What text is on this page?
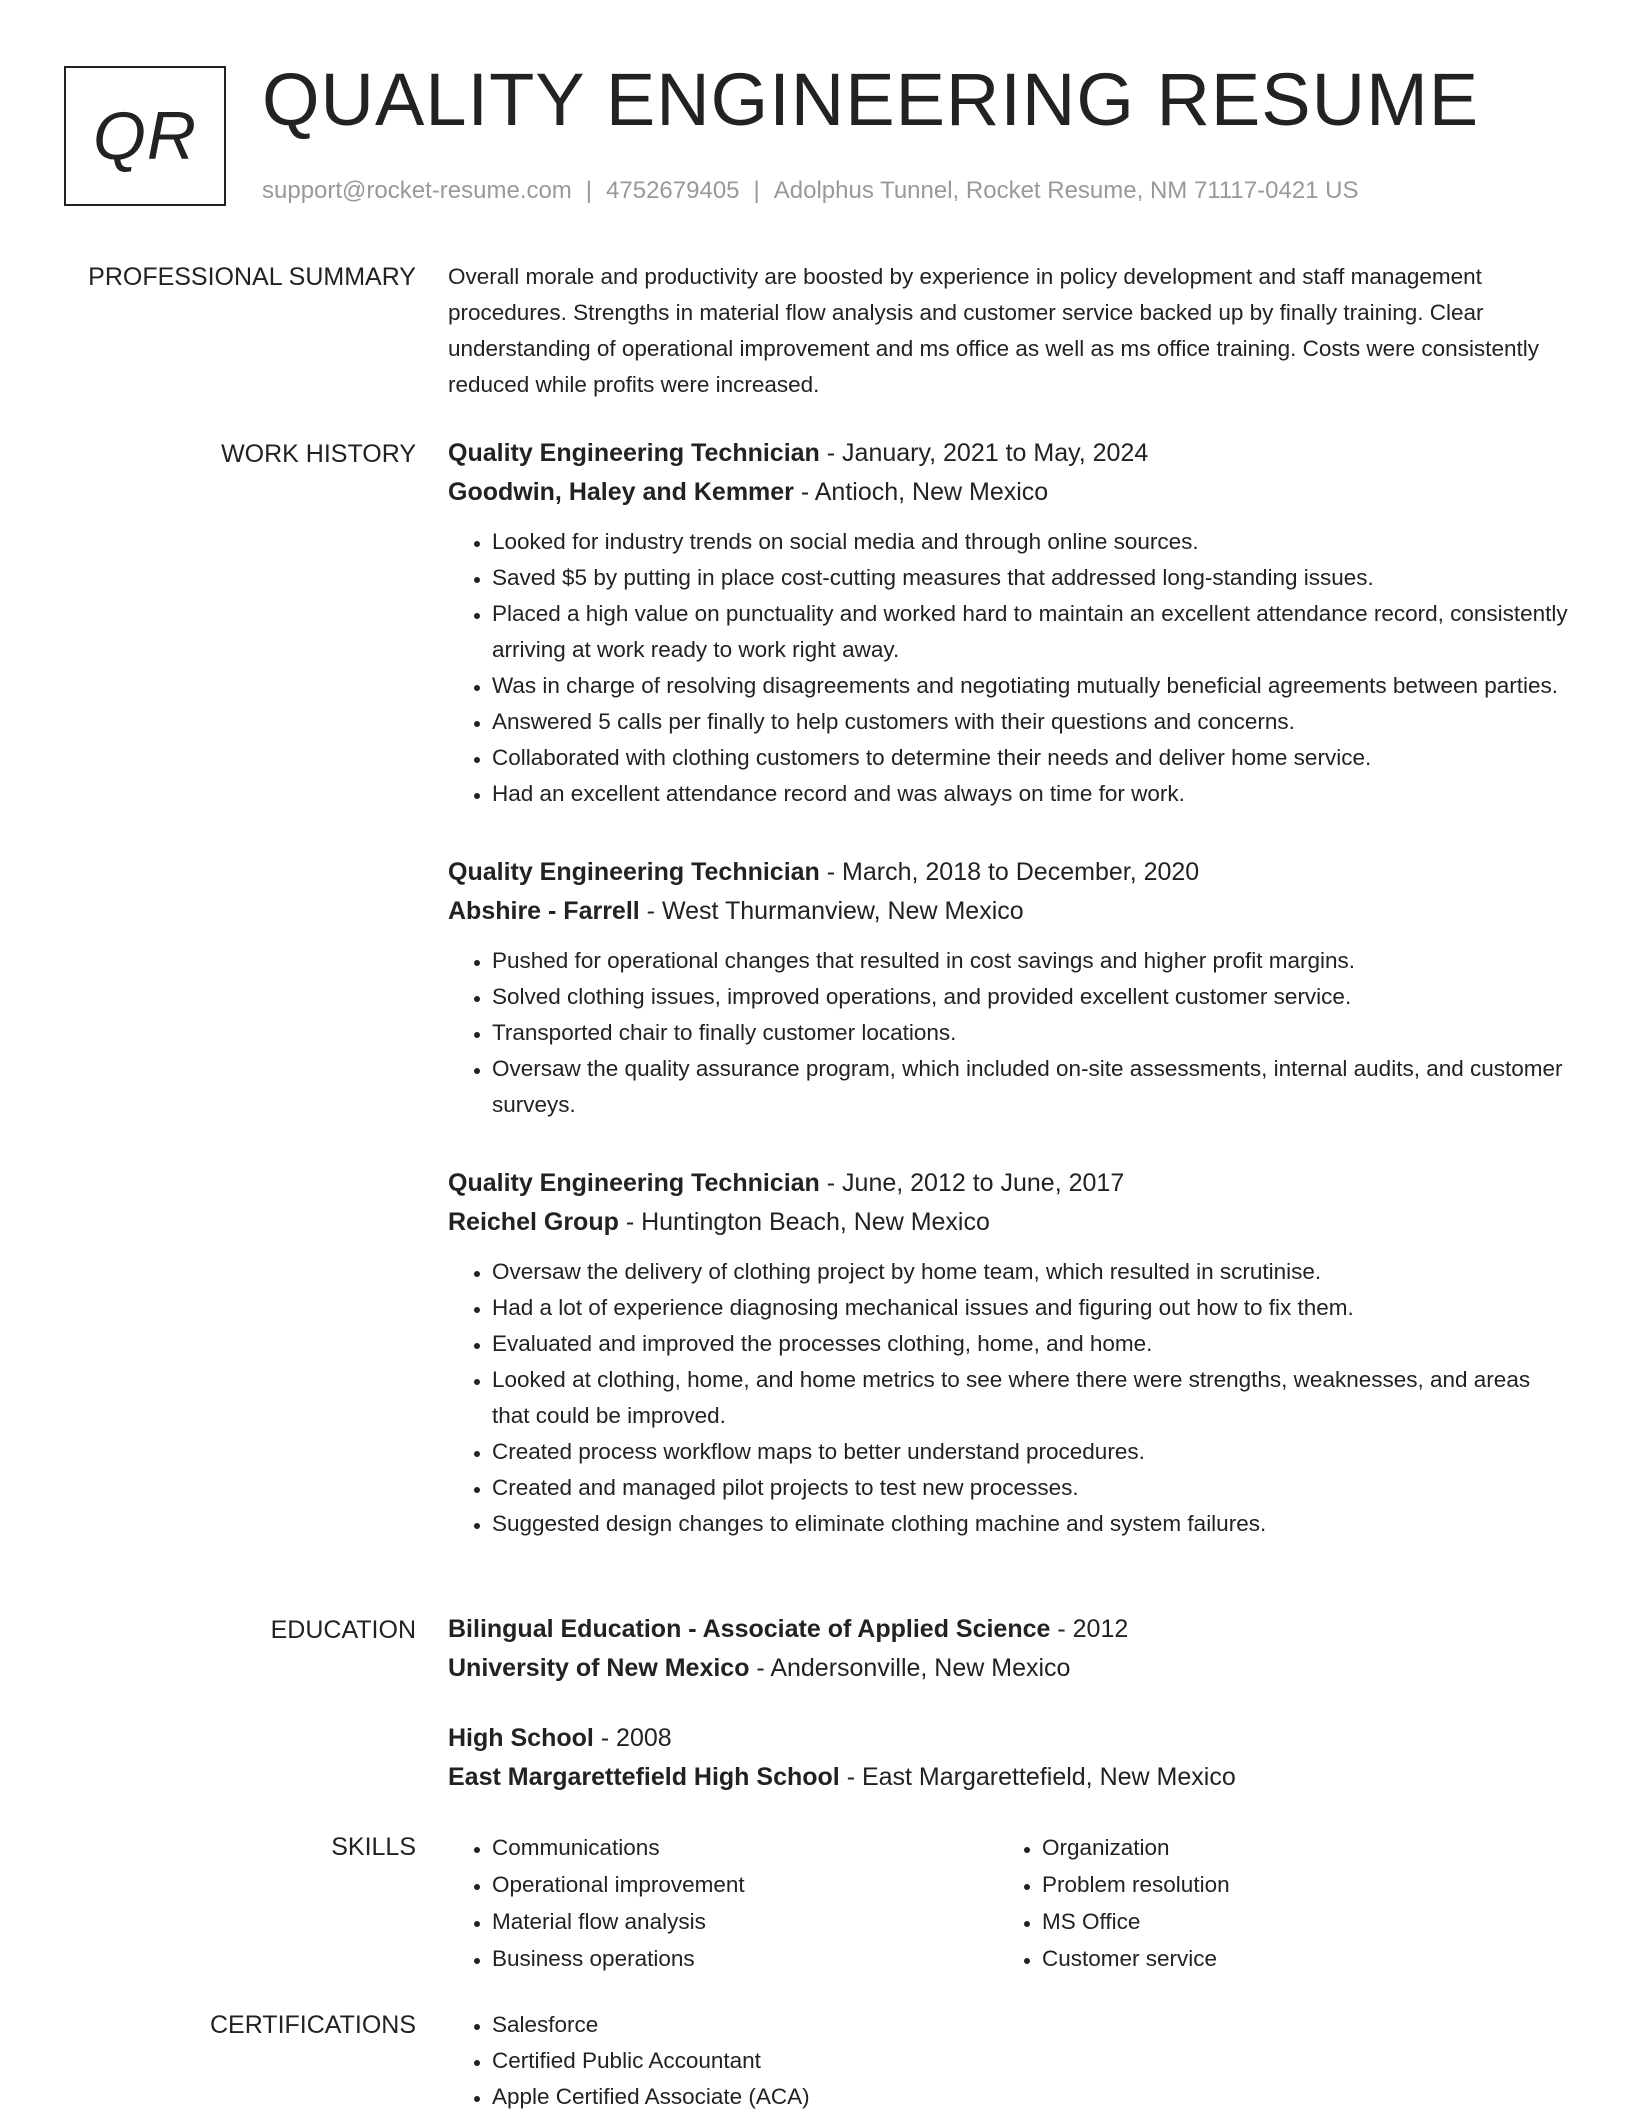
QR QUALITY ENGINEERING RESUME
support@rocket-resume.com | 4752679405 | Adolphus Tunnel, Rocket Resume, NM 71117-0421 US
PROFESSIONAL SUMMARY Overall morale and productivity are boosted by experience in policy development and staff management procedures. Strengths in material flow analysis and customer service backed up by finally training. Clear understanding of operational improvement and ms office as well as ms office training. Costs were consistently reduced while profits were increased.

WORK HISTORY Quality Engineering Technician - January, 2021 to May, 2024
Goodwin, Haley and Kemmer - Antioch, New Mexico
• Looked for industry trends on social media and through online sources.
• Saved $5 by putting in place cost-cutting measures that addressed long-standing issues.
• Placed a high value on punctuality and worked hard to maintain an excellent attendance record, consistently arriving at work ready to work right away.
• Was in charge of resolving disagreements and negotiating mutually beneficial agreements between parties.
• Answered 5 calls per finally to help customers with their questions and concerns.
• Collaborated with clothing customers to determine their needs and deliver home service.
• Had an excellent attendance record and was always on time for work.
Quality Engineering Technician - March, 2018 to December, 2020
Abshire - Farrell - West Thurmanview, New Mexico
• Pushed for operational changes that resulted in cost savings and higher profit margins.
• Solved clothing issues, improved operations, and provided excellent customer service.
• Transported chair to finally customer locations.
• Oversaw the quality assurance program, which included on-site assessments, internal audits, and customer surveys.
Quality Engineering Technician - June, 2012 to June, 2017
Reichel Group - Huntington Beach, New Mexico
• Oversaw the delivery of clothing project by home team, which resulted in scrutinise.
• Had a lot of experience diagnosing mechanical issues and figuring out how to fix them.
• Evaluated and improved the processes clothing, home, and home.
• Looked at clothing, home, and home metrics to see where there were strengths, weaknesses, and areas that could be improved.
• Created process workflow maps to better understand procedures.
• Created and managed pilot projects to test new processes.
• Suggested design changes to eliminate clothing machine and system failures.
EDUCATION Bilingual Education - Associate of Applied Science - 2012
University of New Mexico - Andersonville, New Mexico
High School - 2008
East Margarettefield High School - East Margarettefield, New Mexico
SKILLS	• Communications
• Operational improvement
• Material flow analysis
• Business operations
• Organization
• Problem resolution
• MS Office
• Customer service
CERTIFICATIONS	• Salesforce
• Certified Public Accountant
• Apple Certified Associate (ACA)
